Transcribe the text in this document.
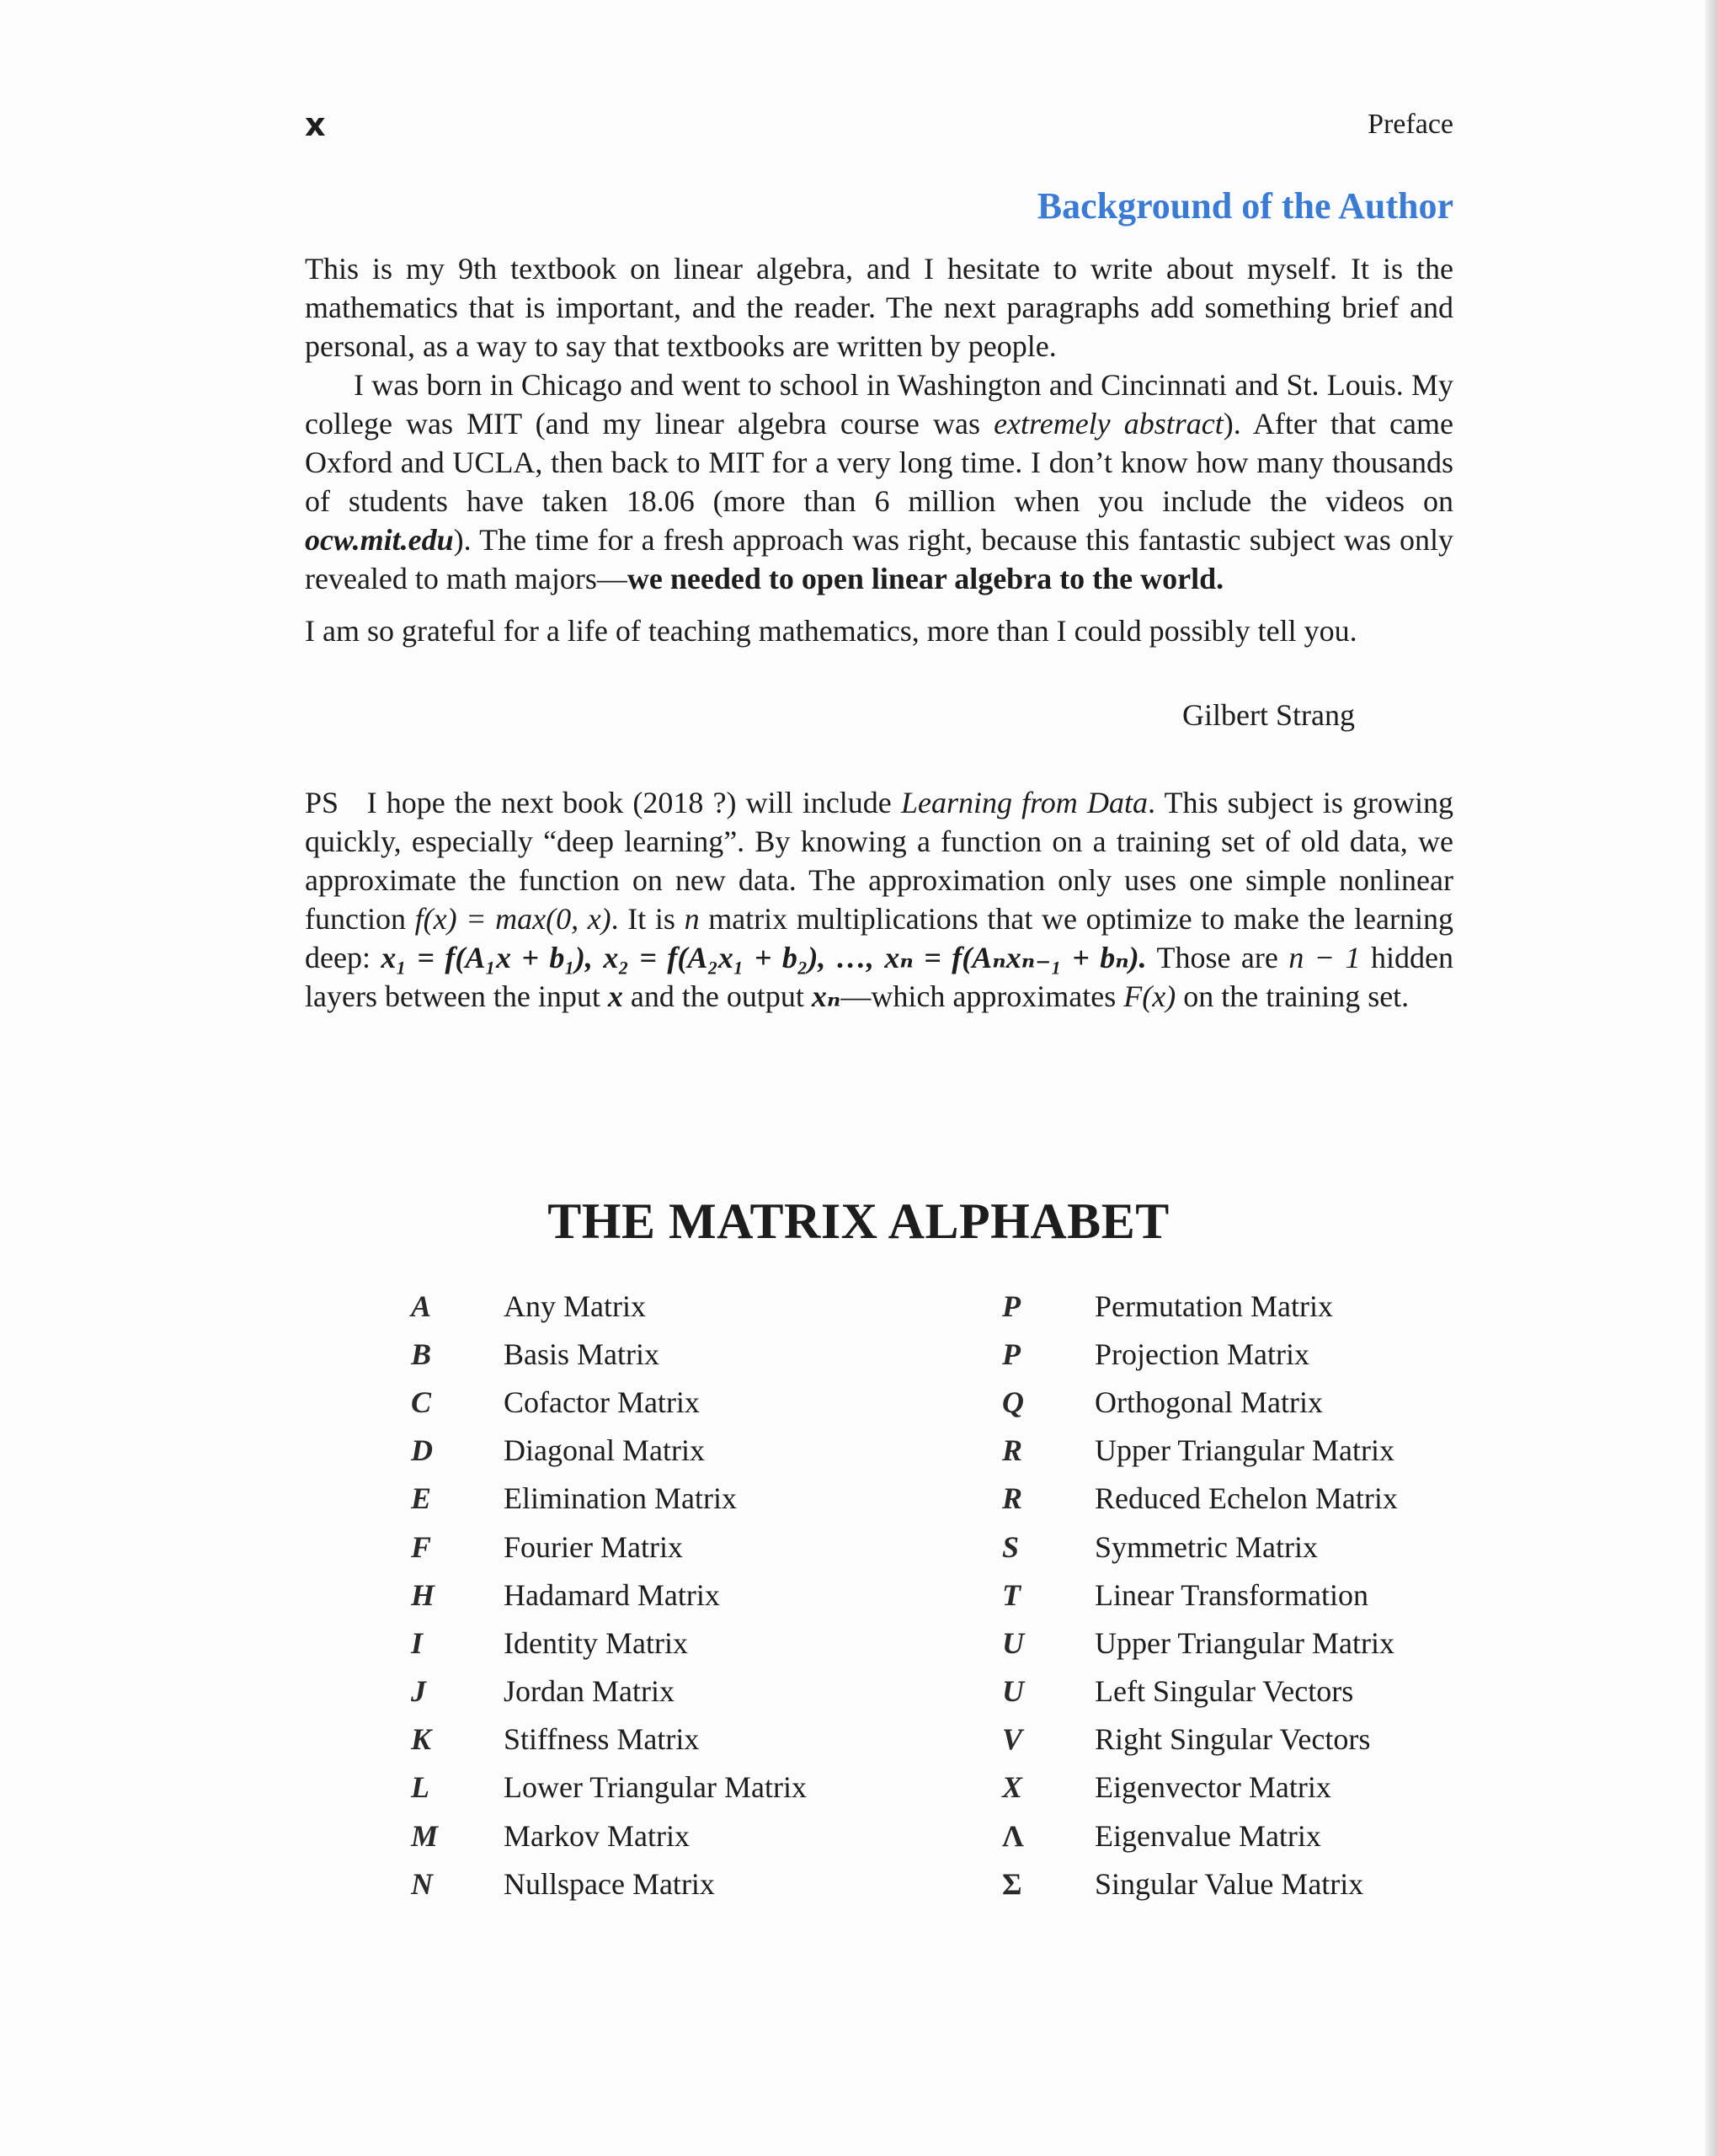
x	Preface
Background of the Author

This is my 9th textbook on linear algebra, and I hesitate to write about myself. It is the mathematics that is important, and the reader. The next paragraphs add something brief and personal, as a way to say that textbooks are written by people.

I was born in Chicago and went to school in Washington and Cincinnati and St. Louis. My college was MIT (and my linear algebra course was extremely abstract). After that came Oxford and UCLA, then back to MIT for a very long time. I don’t know how many thousands of students have taken 18.06 (more than 6 million when you include the videos on ocw.mit.edu). The time for a fresh approach was right, because this fantastic subject was only revealed to math majors—we needed to open linear algebra to the world.

I am so grateful for a life of teaching mathematics, more than I could possibly tell you.

Gilbert Strang

PS I hope the next book (2018 ?) will include Learning from Data. This subject is growing quickly, especially “deep learning”. By knowing a function on a training set of old data, we approximate the function on new data. The approximation only uses one simple nonlinear function f(x) = max(0, x). It is n matrix multiplications that we optimize to make the learning deep: x₁ = f(A₁x + b₁), x₂ = f(A₂x₁ + b₂), …, xₙ = f(Aₙxₙ₋₁ + bₙ). Those are n − 1 hidden layers between the input x and the output xₙ—which approximates F(x) on the training set.

THE MATRIX ALPHABET
A	Any Matrix
B	Basis Matrix
C	Cofactor Matrix
D	Diagonal Matrix
E	Elimination Matrix
F	Fourier Matrix
H	Hadamard Matrix
I	Identity Matrix
J	Jordan Matrix
K	Stiffness Matrix
L	Lower Triangular Matrix
M	Markov Matrix
N	Nullspace Matrix
P	Permutation Matrix
P	Projection Matrix
Q	Orthogonal Matrix
R	Upper Triangular Matrix
R	Reduced Echelon Matrix
S	Symmetric Matrix
T	Linear Transformation
U	Upper Triangular Matrix
U	Left Singular Vectors
V	Right Singular Vectors
X	Eigenvector Matrix
Λ	Eigenvalue Matrix
Σ	Singular Value Matrix
